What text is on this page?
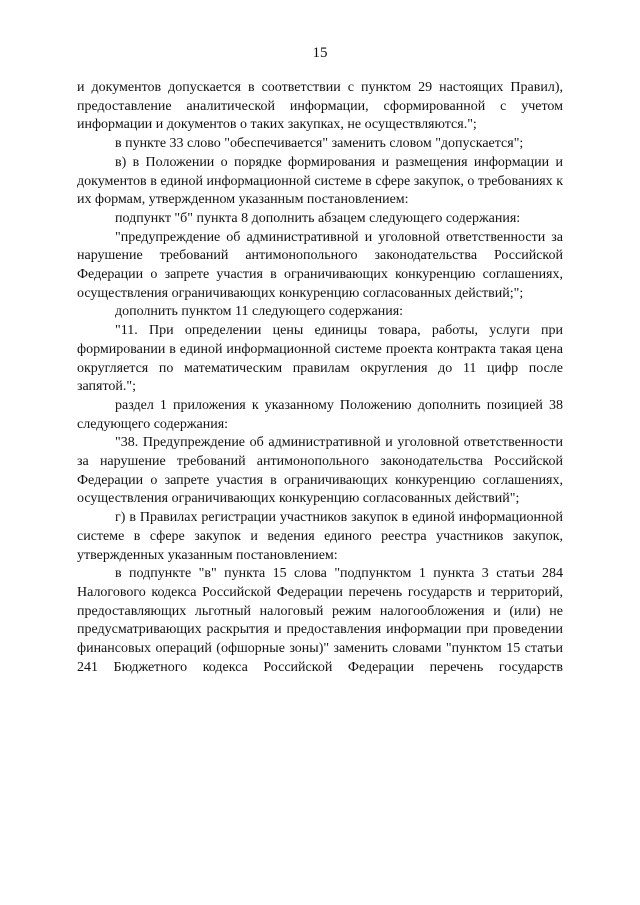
15

и документов допускается в соответствии с пунктом 29 настоящих Правил), предоставление аналитической информации, сформированной с учетом информации и документов о таких закупках, не осуществляются.";

в пункте 33 слово "обеспечивается" заменить словом "допускается";

в) в Положении о порядке формирования и размещения информации и документов в единой информационной системе в сфере закупок, о требованиях к их формам, утвержденном указанным постановлением:

подпункт "б" пункта 8 дополнить абзацем следующего содержания:

"предупреждение об административной и уголовной ответственности за нарушение требований антимонопольного законодательства Российской Федерации о запрете участия в ограничивающих конкуренцию соглашениях, осуществления ограничивающих конкуренцию согласованных действий;";

дополнить пунктом 11 следующего содержания:

"11. При определении цены единицы товара, работы, услуги при формировании в единой информационной системе проекта контракта такая цена округляется по математическим правилам округления до 11 цифр после запятой.";

раздел 1 приложения к указанному Положению дополнить позицией 38 следующего содержания:

"38. Предупреждение об административной и уголовной ответственности за нарушение требований антимонопольного законодательства Российской Федерации о запрете участия в ограничивающих конкуренцию соглашениях, осуществления ограничивающих конкуренцию согласованных действий";

г) в Правилах регистрации участников закупок в единой информационной системе в сфере закупок и ведения единого реестра участников закупок, утвержденных указанным постановлением:

в подпункте "в" пункта 15 слова "подпунктом 1 пункта 3 статьи 284 Налогового кодекса Российской Федерации перечень государств и территорий, предоставляющих льготный налоговый режим налогообложения и (или) не предусматривающих раскрытия и предоставления информации при проведении финансовых операций (офшорные зоны)" заменить словами "пунктом 15 статьи 241 Бюджетного кодекса Российской Федерации перечень государств
